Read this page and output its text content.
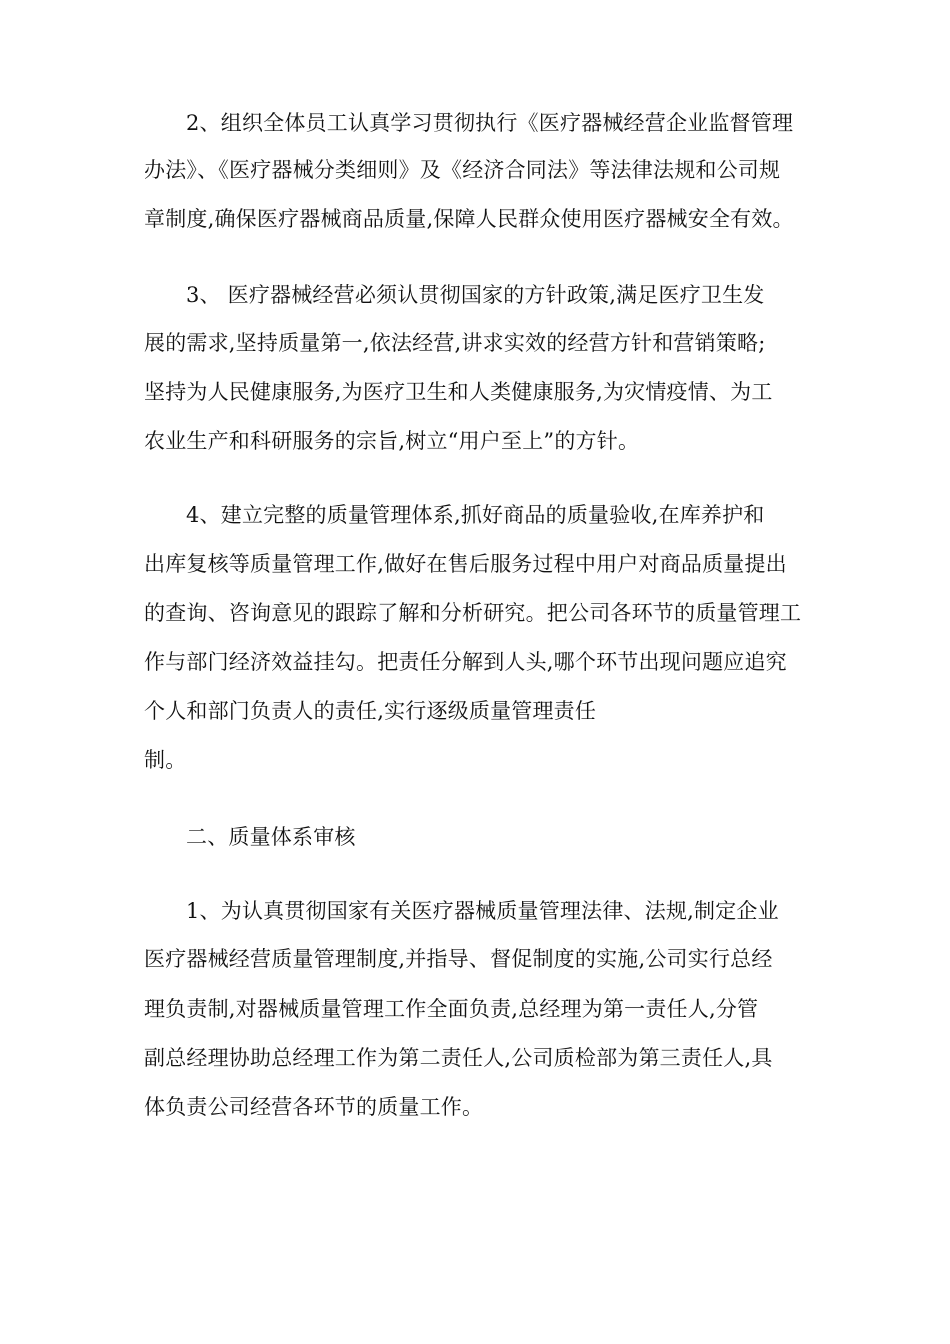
2、组织全体员工认真学习贯彻执行《医疗器械经营企业监督管理
办法》、《医疗器械分类细则》及《经济合同法》等法律法规和公司规
章制度,确保医疗器械商品质量,保障人民群众使用医疗器械安全有效。
3、 医疗器械经营必须认贯彻国家的方针政策,满足医疗卫生发
展的需求,坚持质量第一,依法经营,讲求实效的经营方针和营销策略;
坚持为人民健康服务,为医疗卫生和人类健康服务,为灾情疫情、为工
农业生产和科研服务的宗旨,树立“用户至上”的方针。
4、建立完整的质量管理体系,抓好商品的质量验收,在库养护和
出库复核等质量管理工作,做好在售后服务过程中用户对商品质量提出
的查询、咨询意见的跟踪了解和分析研究。把公司各环节的质量管理工
作与部门经济效益挂勾。把责任分解到人头,哪个环节出现问题应追究
个人和部门负责人的责任,实行逐级质量管理责任
制。
二、质量体系审核
1、为认真贯彻国家有关医疗器械质量管理法律、法规,制定企业
医疗器械经营质量管理制度,并指导、督促制度的实施,公司实行总经
理负责制,对器械质量管理工作全面负责,总经理为第一责任人,分管
副总经理协助总经理工作为第二责任人,公司质检部为第三责任人,具
体负责公司经营各环节的质量工作。
